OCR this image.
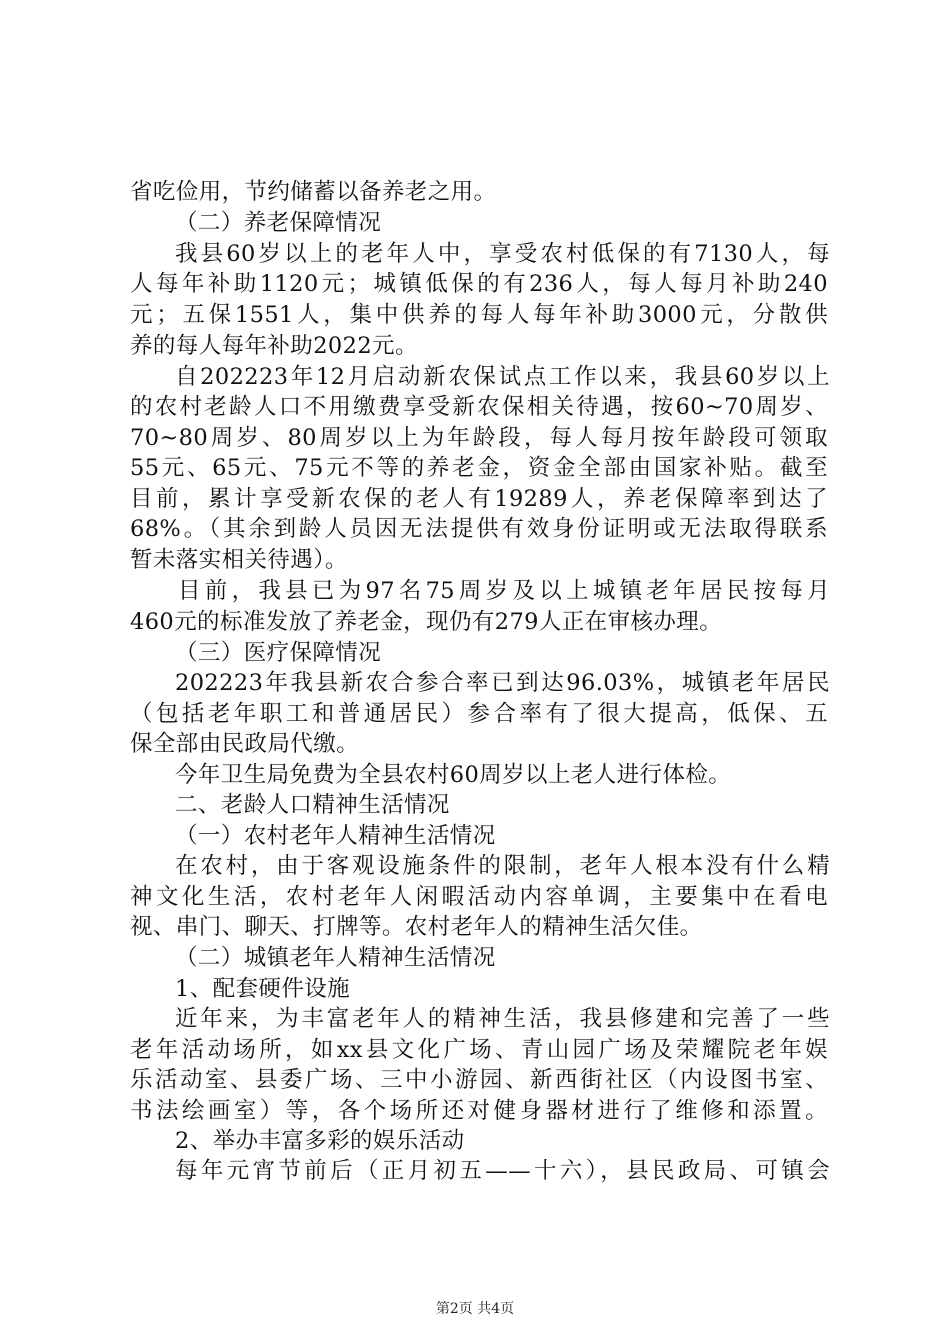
省吃俭用，节约储蓄以备养老之用。
（二）养老保障情况
我县60岁以上的老年人中，享受农村低保的有7130人，每
人每年补助1120元；城镇低保的有236人，每人每月补助240
元；五保1551人，集中供养的每人每年补助3000元，分散供
养的每人每年补助2022元。
自202223年12月启动新农保试点工作以来，我县60岁以上
的农村老龄人口不用缴费享受新农保相关待遇，按60~70周岁、
70~80周岁、80周岁以上为年龄段，每人每月按年龄段可领取
55元、65元、75元不等的养老金，资金全部由国家补贴。截至
目前，累计享受新农保的老人有19289人，养老保障率到达了
68%。（其余到龄人员因无法提供有效身份证明或无法取得联系
暂未落实相关待遇）。
目前，我县已为97名75周岁及以上城镇老年居民按每月
460元的标准发放了养老金，现仍有279人正在审核办理。
（三）医疗保障情况
202223年我县新农合参合率已到达96.03%，城镇老年居民
（包括老年职工和普通居民）参合率有了很大提高，低保、五
保全部由民政局代缴。
今年卫生局免费为全县农村60周岁以上老人进行体检。
二、老龄人口精神生活情况
（一）农村老年人精神生活情况
在农村，由于客观设施条件的限制，老年人根本没有什么精
神文化生活，农村老年人闲暇活动内容单调，主要集中在看电
视、串门、聊天、打牌等。农村老年人的精神生活欠佳。
（二）城镇老年人精神生活情况
1、配套硬件设施
近年来，为丰富老年人的精神生活，我县修建和完善了一些
老年活动场所，如xx县文化广场、青山园广场及荣耀院老年娱
乐活动室、县委广场、三中小游园、新西街社区（内设图书室、
书法绘画室）等，各个场所还对健身器材进行了维修和添置。
2、举办丰富多彩的娱乐活动
每年元宵节前后（正月初五——十六），县民政局、可镇会
第2页 共4页
